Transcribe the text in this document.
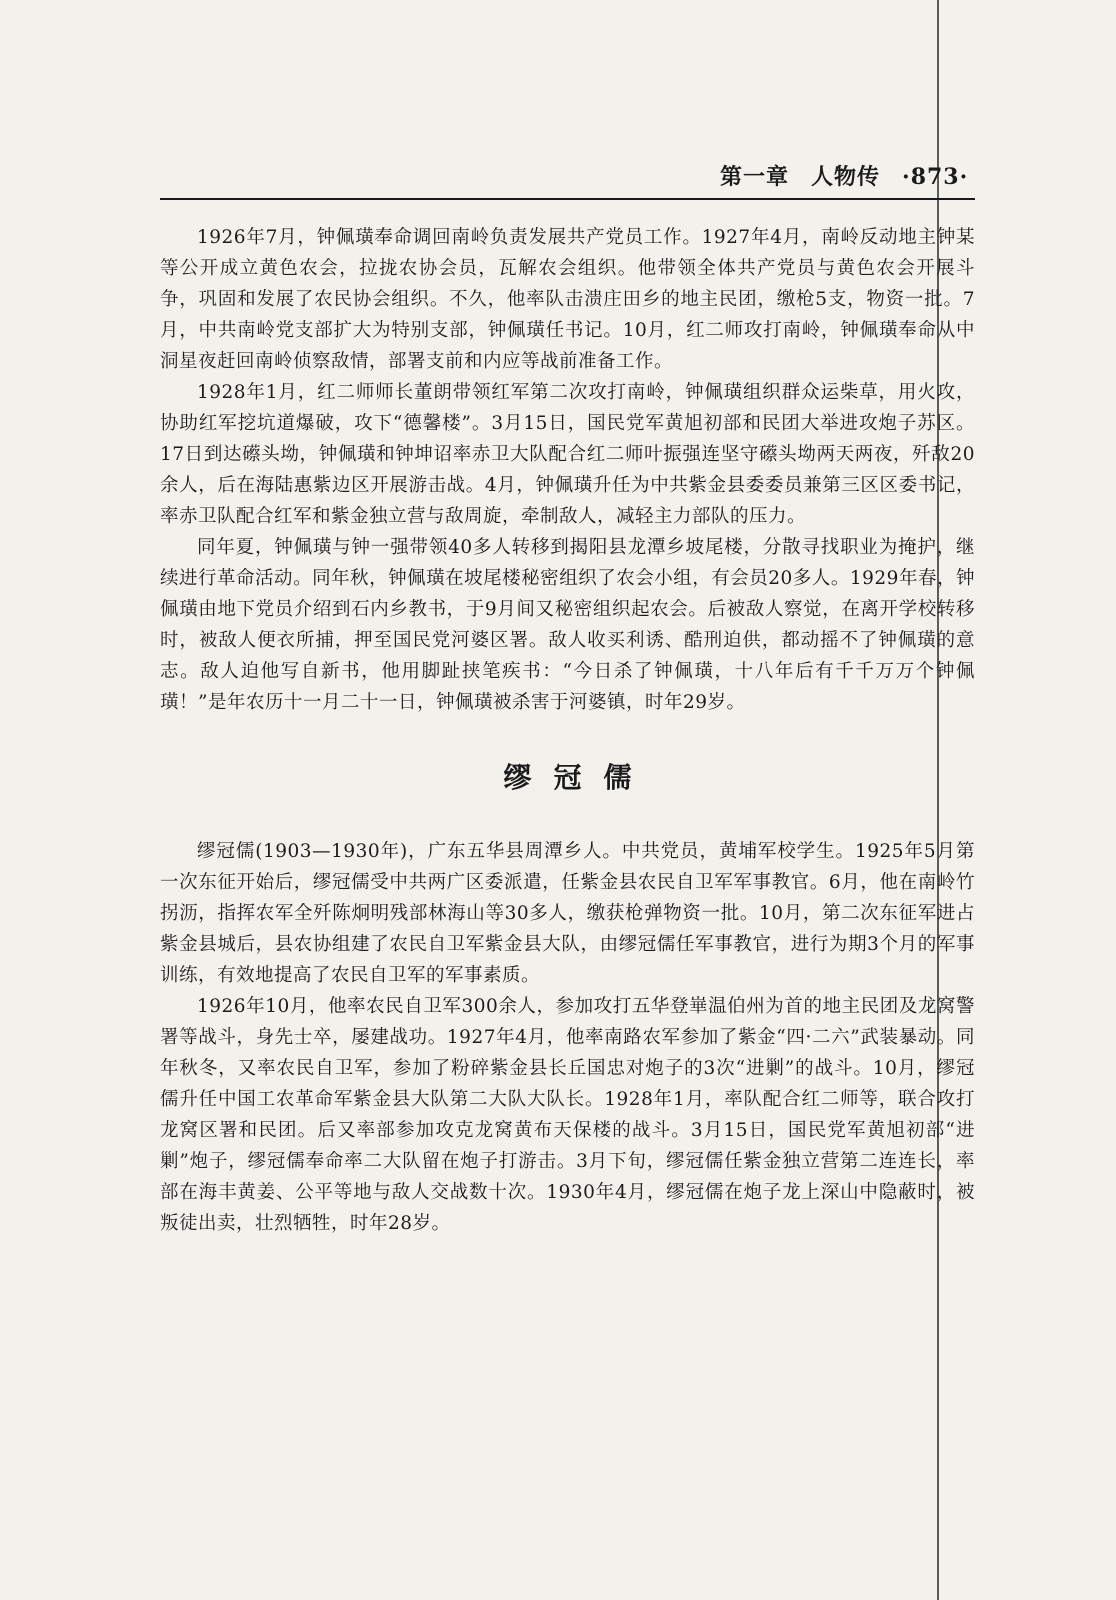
第一章 人物传 ·873·

1926年7月，钟佩璜奉命调回南岭负责发展共产党员工作。1927年4月，南岭反动地主钟某等公开成立黄色农会，拉拢农协会员，瓦解农会组织。他带领全体共产党员与黄色农会开展斗争，巩固和发展了农民协会组织。不久，他率队击溃庄田乡的地主民团，缴枪5支，物资一批。7月，中共南岭党支部扩大为特别支部，钟佩璜任书记。10月，红二师攻打南岭，钟佩璜奉命从中洞星夜赶回南岭侦察敌情，部署支前和内应等战前准备工作。

1928年1月，红二师师长董朗带领红军第二次攻打南岭，钟佩璜组织群众运柴草，用火攻，协助红军挖坑道爆破，攻下“德馨楼”。3月15日，国民党军黄旭初部和民团大举进攻炮子苏区。17日到达礤头坳，钟佩璜和钟坤诏率赤卫大队配合红二师叶振强连坚守礤头坳两天两夜，歼敌20余人，后在海陆惠紫边区开展游击战。4月，钟佩璜升任为中共紫金县委委员兼第三区区委书记，率赤卫队配合红军和紫金独立营与敌周旋，牵制敌人，减轻主力部队的压力。

同年夏，钟佩璜与钟一强带领40多人转移到揭阳县龙潭乡坡尾楼，分散寻找职业为掩护，继续进行革命活动。同年秋，钟佩璜在坡尾楼秘密组织了农会小组，有会员20多人。1929年春，钟佩璜由地下党员介绍到石内乡教书，于9月间又秘密组织起农会。后被敌人察觉，在离开学校转移时，被敌人便衣所捕，押至国民党河婆区署。敌人收买利诱、酷刑迫供，都动摇不了钟佩璜的意志。敌人迫他写自新书，他用脚趾挟笔疾书：“今日杀了钟佩璜，十八年后有千千万万个钟佩璜！”是年农历十一月二十一日，钟佩璜被杀害于河婆镇，时年29岁。

缪冠儒

缪冠儒(1903—1930年)，广东五华县周潭乡人。中共党员，黄埔军校学生。1925年5月第一次东征开始后，缪冠儒受中共两广区委派遣，任紫金县农民自卫军军事教官。6月，他在南岭竹拐沥，指挥农军全歼陈炯明残部林海山等30多人，缴获枪弹物资一批。10月，第二次东征军进占紫金县城后，县农协组建了农民自卫军紫金县大队，由缪冠儒任军事教官，进行为期3个月的军事训练，有效地提高了农民自卫军的军事素质。

1926年10月，他率农民自卫军300余人，参加攻打五华登崋温伯州为首的地主民团及龙窝警署等战斗，身先士卒，屡建战功。1927年4月，他率南路农军参加了紫金“四·二六”武装暴动。同年秋冬，又率农民自卫军，参加了粉碎紫金县长丘国忠对炮子的3次“进剿”的战斗。10月，缪冠儒升任中国工农革命军紫金县大队第二大队大队长。1928年1月，率队配合红二师等，联合攻打龙窝区署和民团。后又率部参加攻克龙窝黄布天保楼的战斗。3月15日，国民党军黄旭初部“进剿”炮子，缪冠儒奉命率二大队留在炮子打游击。3月下旬，缪冠儒任紫金独立营第二连连长，率部在海丰黄姜、公平等地与敌人交战数十次。1930年4月，缪冠儒在炮子龙上深山中隐蔽时，被叛徒出卖，壮烈牺牲，时年28岁。
